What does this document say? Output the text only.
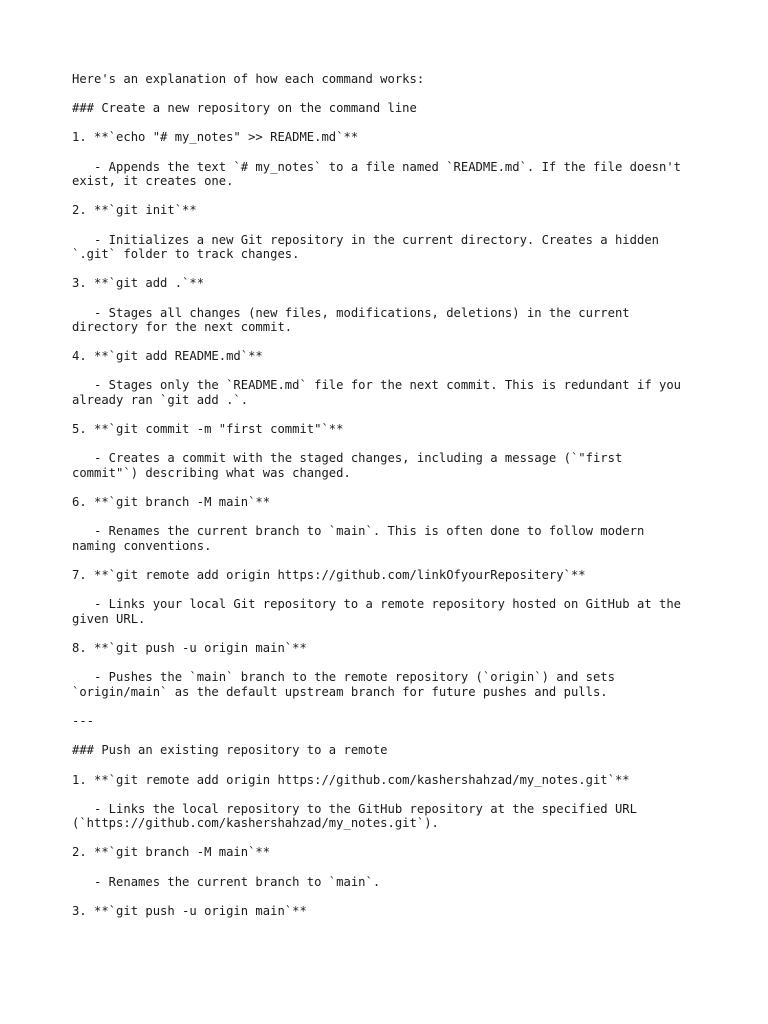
Here's an explanation of how each command works:
### Create a new repository on the command line
1. **`echo "# my_notes" >> README.md`**
- Appends the text `# my_notes` to a file named `README.md`. If the file doesn't
exist, it creates one.
2. **`git init`**
- Initializes a new Git repository in the current directory. Creates a hidden
`.git` folder to track changes.
3. **`git add .`**
- Stages all changes (new files, modifications, deletions) in the current
directory for the next commit.
4. **`git add README.md`**
- Stages only the `README.md` file for the next commit. This is redundant if you
already ran `git add .`.
5. **`git commit -m "first commit"`**
- Creates a commit with the staged changes, including a message (`"first
commit"`) describing what was changed.
6. **`git branch -M main`**
- Renames the current branch to `main`. This is often done to follow modern
naming conventions.
7. **`git remote add origin https://github.com/linkOfyourRepositery`**
- Links your local Git repository to a remote repository hosted on GitHub at the
given URL.
8. **`git push -u origin main`**
- Pushes the `main` branch to the remote repository (`origin`) and sets
`origin/main` as the default upstream branch for future pushes and pulls.
---
### Push an existing repository to a remote
1. **`git remote add origin https://github.com/kashershahzad/my_notes.git`**
- Links the local repository to the GitHub repository at the specified URL
(`https://github.com/kashershahzad/my_notes.git`).
2. **`git branch -M main`**
- Renames the current branch to `main`.
3. **`git push -u origin main`**
